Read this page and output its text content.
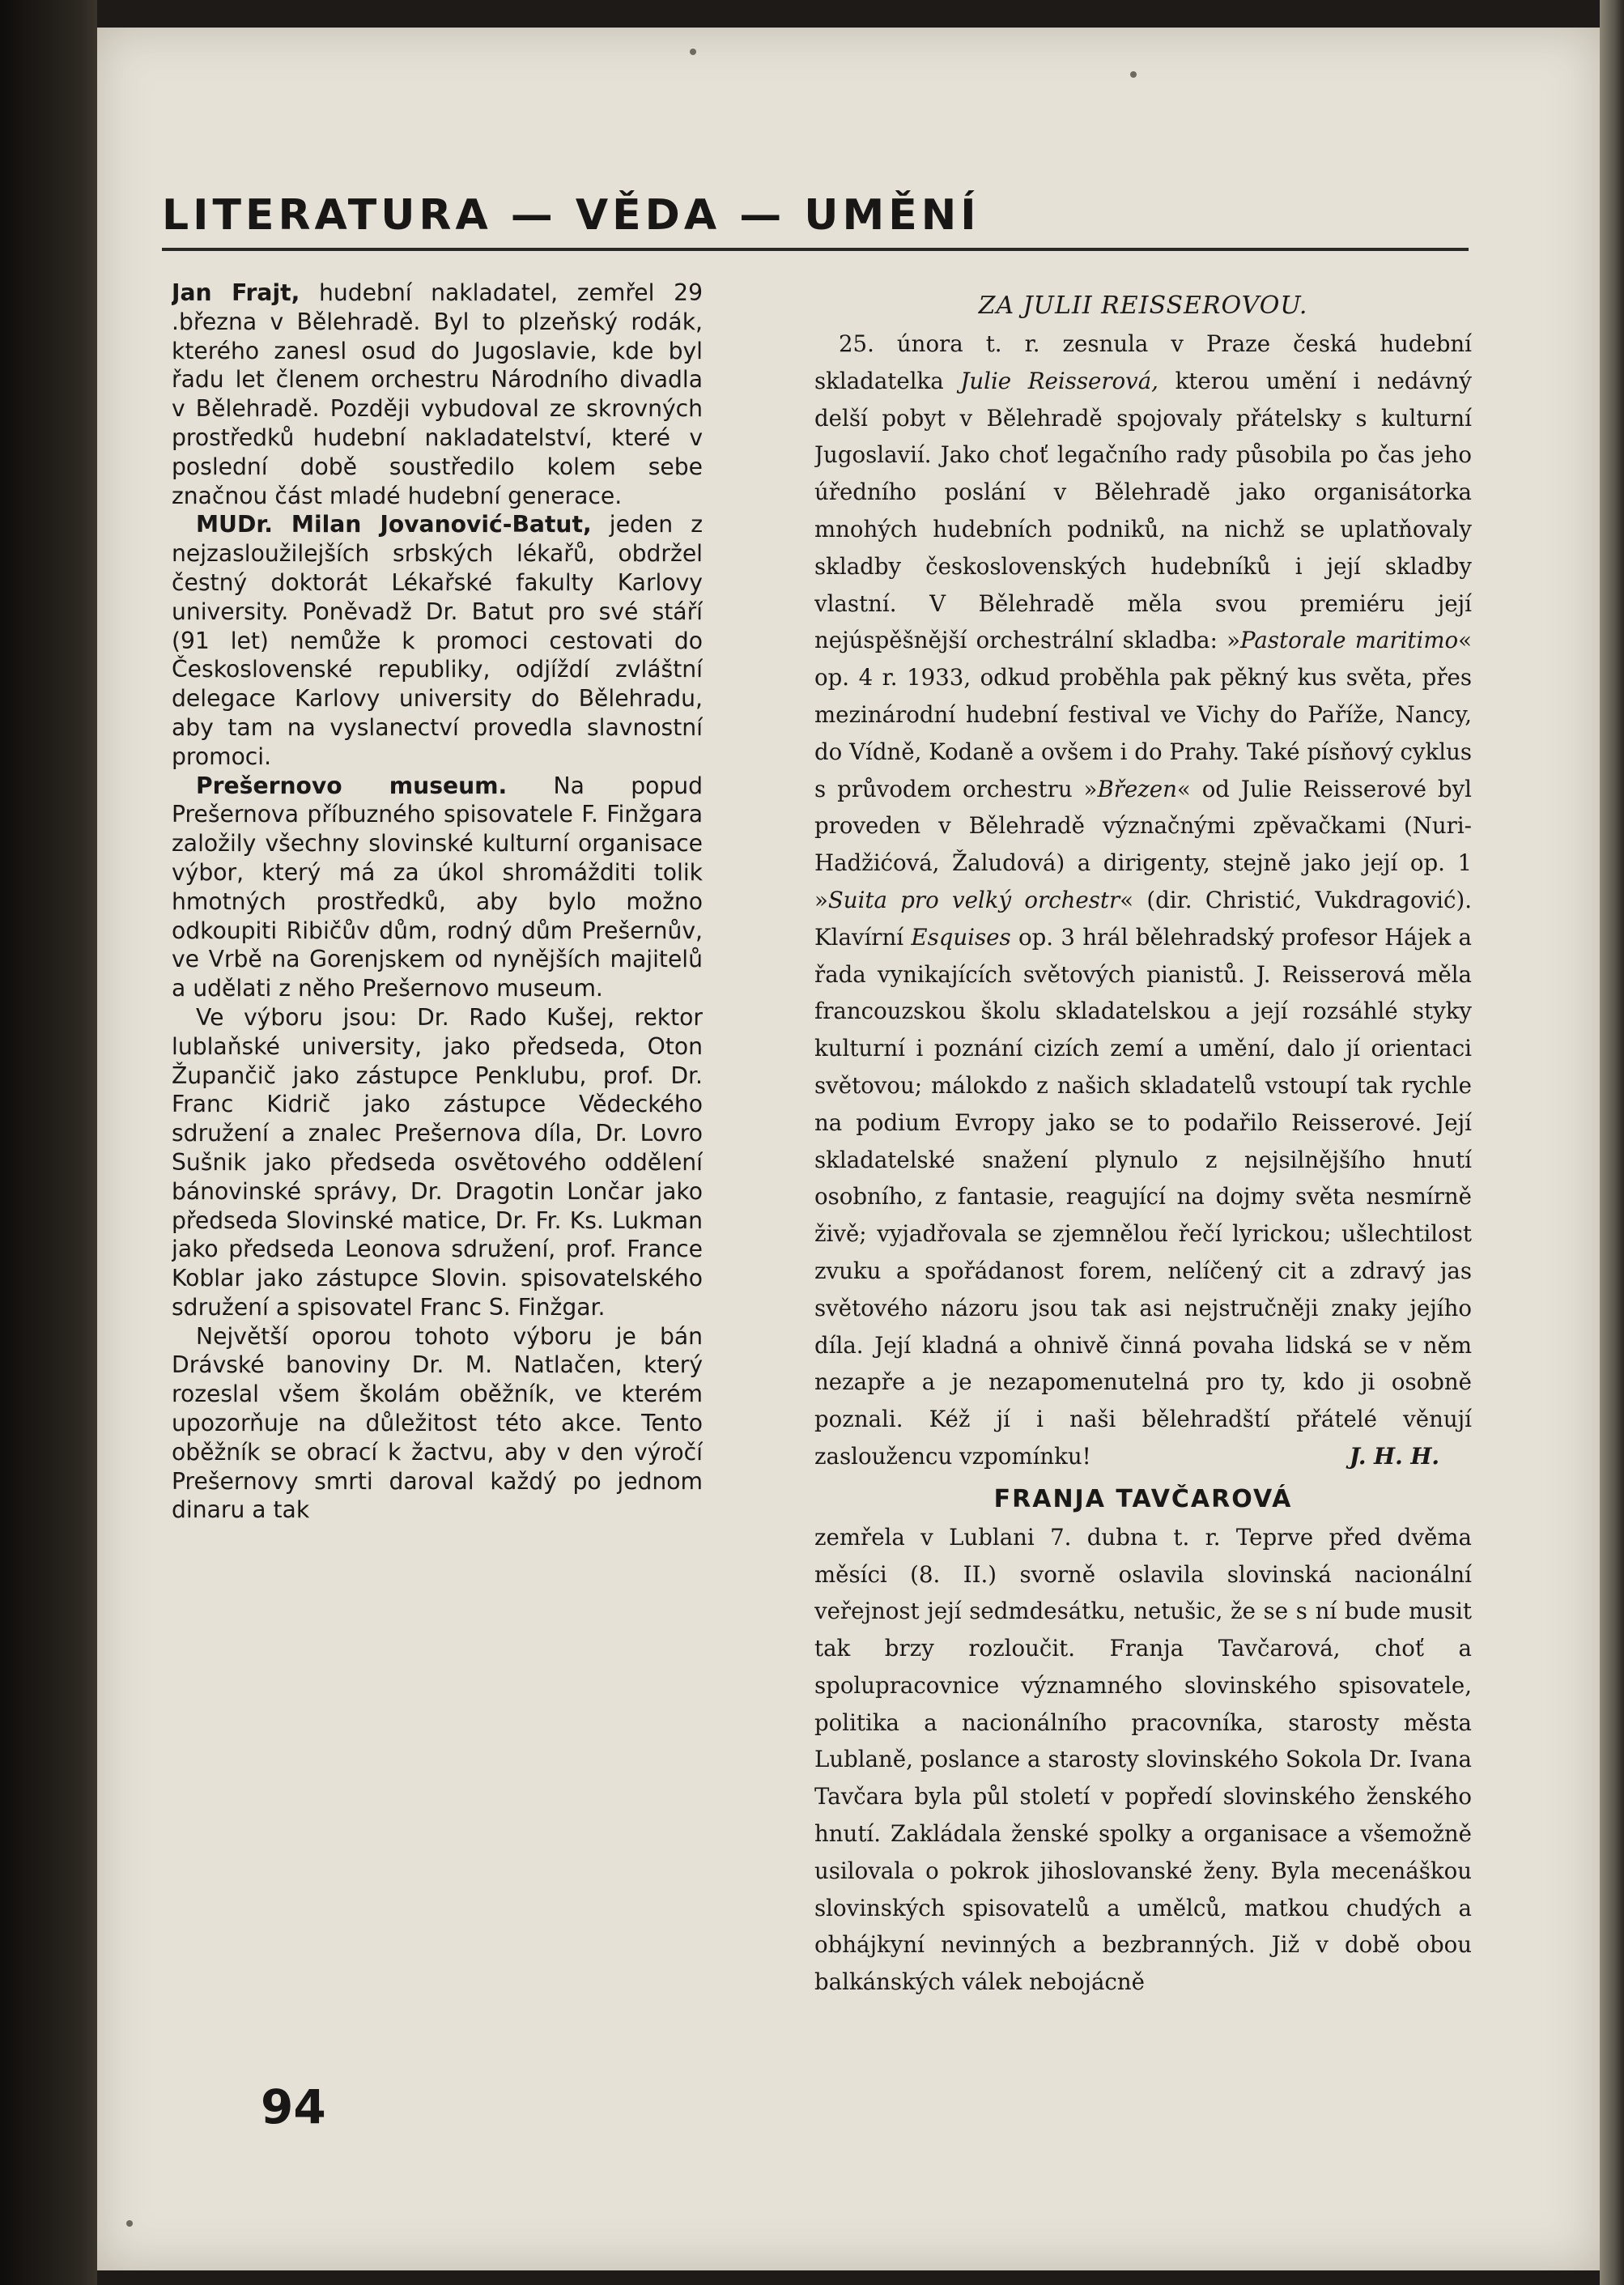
LITERATURA — VĚDA — UMĚNÍ

Jan Frajt, hudební nakladatel, zemřel 29 .března v Bělehradě. Byl to plzeňský rodák, kterého zanesl osud do Jugoslavie, kde byl řadu let členem orchestru Národního divadla v Bělehradě. Později vybudoval ze skrovných prostředků hudební nakladatelství, které v poslední době soustředilo kolem sebe značnou část mladé hudební generace.

MUDr. Milan Jovanović-Batut, jeden z nejzasloužilejších srbských lékařů, obdržel čestný doktorát Lékařské fakulty Karlovy university. Poněvadž Dr. Batut pro své stáří (91 let) nemůže k promoci cestovati do Československé republiky, odjíždí zvláštní delegace Karlovy university do Bělehradu, aby tam na vyslanectví provedla slavnostní promoci.

Prešernovo museum. Na popud Prešernova příbuzného spisovatele F. Finžgara založily všechny slovinské kulturní organisace výbor, který má za úkol shromážditi tolik hmotných prostředků, aby bylo možno odkoupiti Ribičův dům, rodný dům Prešernův, ve Vrbě na Gorenjskem od nynějších majitelů a udělati z něho Prešernovo museum.

Ve výboru jsou: Dr. Rado Kušej, rektor lublaňské university, jako předseda, Oton Župančič jako zástupce Penklubu, prof. Dr. Franc Kidrič jako zástupce Vědeckého sdružení a znalec Prešernova díla, Dr. Lovro Sušnik jako předseda osvětového oddělení bánovinské správy, Dr. Dragotin Lončar jako předseda Slovinské matice, Dr. Fr. Ks. Lukman jako předseda Leonova sdružení, prof. France Koblar jako zástupce Slovin. spisovatelského sdružení a spisovatel Franc S. Finžgar.

Největší oporou tohoto výboru je bán Drávské banoviny Dr. M. Natlačen, který rozeslal všem školám oběžník, ve kterém upozorňuje na důležitost této akce. Tento oběžník se obrací k žactvu, aby v den výročí Prešernovy smrti daroval každý po jednom dinaru a tak

ZA JULII REISSEROVOU.

25. února t. r. zesnula v Praze česká hudební skladatelka Julie Reisserová, kterou umění i nedávný delší pobyt v Bělehradě spojovaly přátelsky s kulturní Jugoslavií. Jako choť legačního rady působila po čas jeho úředního poslání v Bělehradě jako organisátorka mnohých hudebních podniků, na nichž se uplatňovaly skladby československých hudebníků i její skladby vlastní. V Bělehradě měla svou premiéru její nejúspěšnější orchestrální skladba: »Pastorale maritimo« op. 4 r. 1933, odkud proběhla pak pěkný kus světa, přes mezinárodní hudební festival ve Vichy do Paříže, Nancy, do Vídně, Kodaně a ovšem i do Prahy. Také písňový cyklus s průvodem orchestru »Březen« od Julie Reisserové byl proveden v Bělehradě význačnými zpěvačkami (Nuri-Hadžićová, Žaludová) a dirigenty, stejně jako její op. 1 »Suita pro velký orchestr« (dir. Christić, Vukdragović). Klavírní Esquises op. 3 hrál bělehradský profesor Hájek a řada vynikajících světových pianistů. J. Reisserová měla francouzskou školu skladatelskou a její rozsáhlé styky kulturní i poznání cizích zemí a umění, dalo jí orientaci světovou; málokdo z našich skladatelů vstoupí tak rychle na podium Evropy jako se to podařilo Reisserové. Její skladatelské snažení plynulo z nejsilnějšího hnutí osobního, z fantasie, reagující na dojmy světa nesmírně živě; vyjadřovala se zjemnělou řečí lyrickou; ušlechtilost zvuku a spořádanost forem, nelíčený cit a zdravý jas světového názoru jsou tak asi nejstručněji znaky jejího díla. Její kladná a ohnivě činná povaha lidská se v něm nezapře a je nezapomenutelná pro ty, kdo ji osobně poznali. Kéž jí i naši bělehradští přátelé věnují zasloužencu vzpomínku!	J. H. H.

FRANJA TAVČAROVÁ

zemřela v Lublani 7. dubna t. r. Teprve před dvěma měsíci (8. II.) svorně oslavila slovinská nacionální veřejnost její sedmdesátku, netušic, že se s ní bude musit tak brzy rozloučit. Franja Tavčarová, choť a spolupracovnice významného slovinského spisovatele, politika a nacionálního pracovníka, starosty města Lublaně, poslance a starosty slovinského Sokola Dr. Ivana Tavčara byla půl století v popředí slovinského ženského hnutí. Zakládala ženské spolky a organisace a všemožně usilovala o pokrok jihoslovanské ženy. Byla mecenáškou slovinských spisovatelů a umělců, matkou chudých a obhájkyní nevinných a bezbranných. Již v době obou balkánských válek nebojácně

94
